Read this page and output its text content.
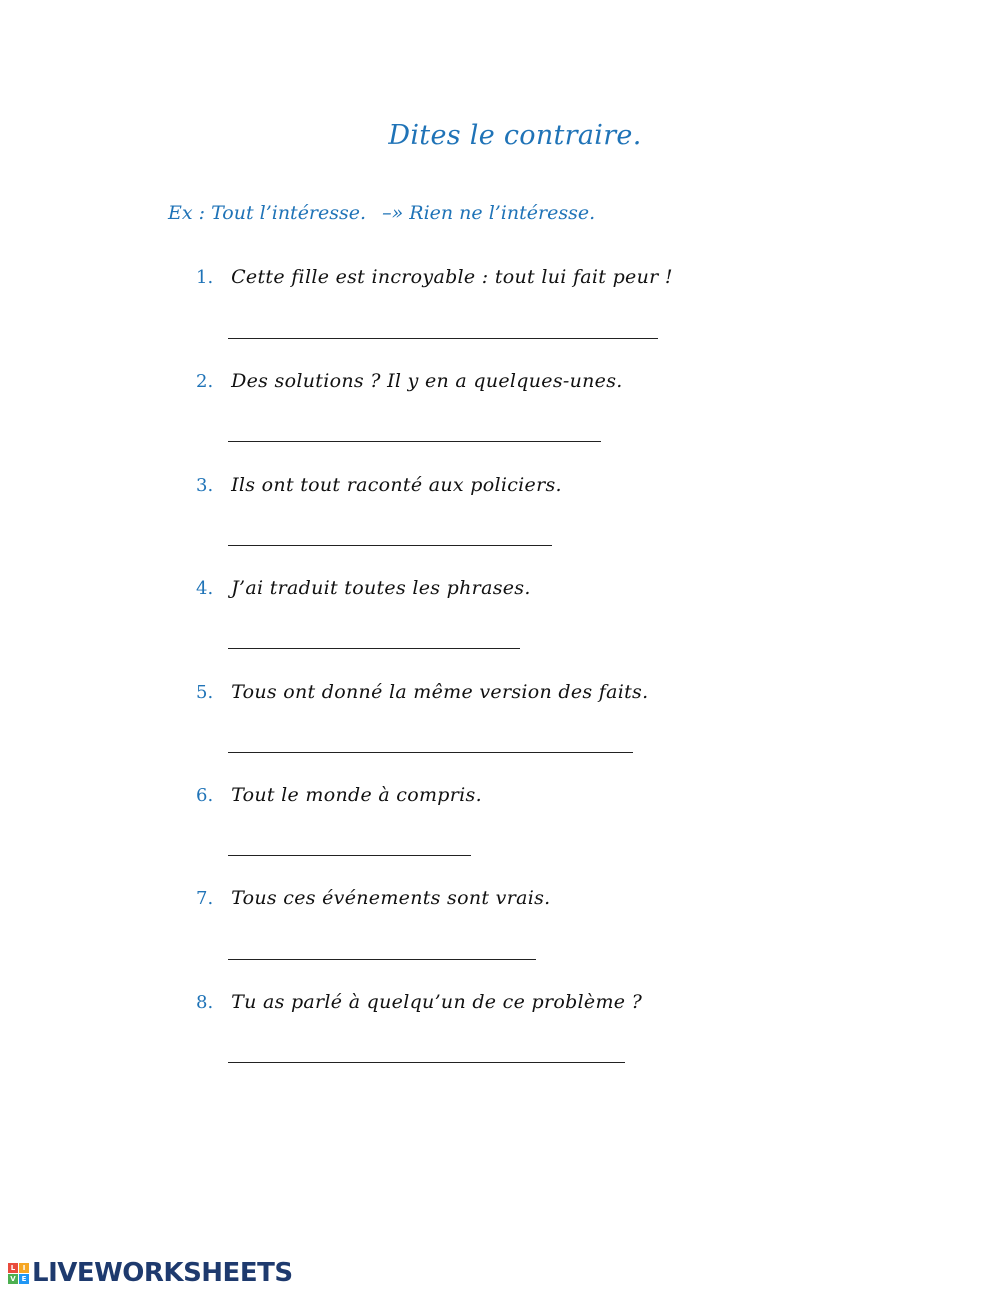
Dites le contraire.
Ex : Tout l’intéresse. –» Rien ne l’intéresse.
1. Cette fille est incroyable : tout lui fait peur !
2. Des solutions ? Il y en a quelques-unes.
3. Ils ont tout raconté aux policiers.
4. J’ai traduit toutes les phrases.
5. Tous ont donné la même version des faits.
6. Tout le monde à compris.
7. Tous ces événements sont vrais.
8. Tu as parlé à quelqu’un de ce problème ?
L	I
V E LIVEWORKSHEETS
